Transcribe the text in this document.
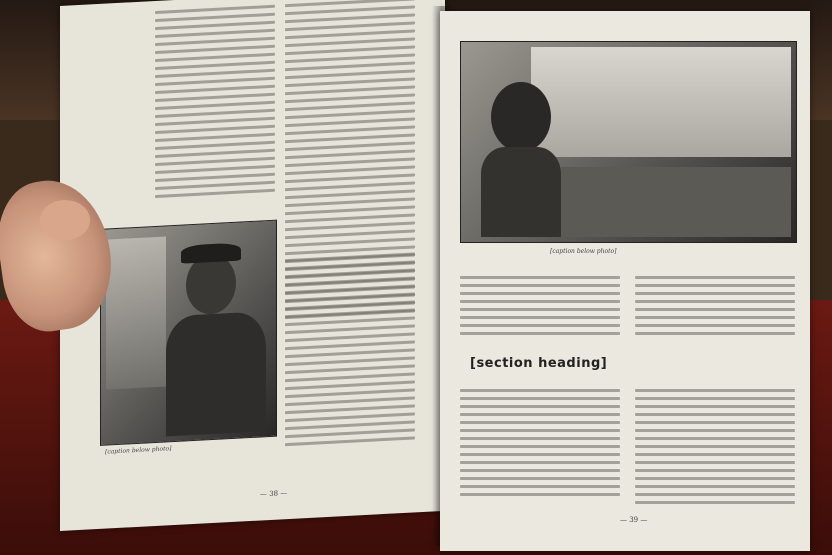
[caption below photo]
— 38 —
[caption below photo]
[section heading]
— 39 —
